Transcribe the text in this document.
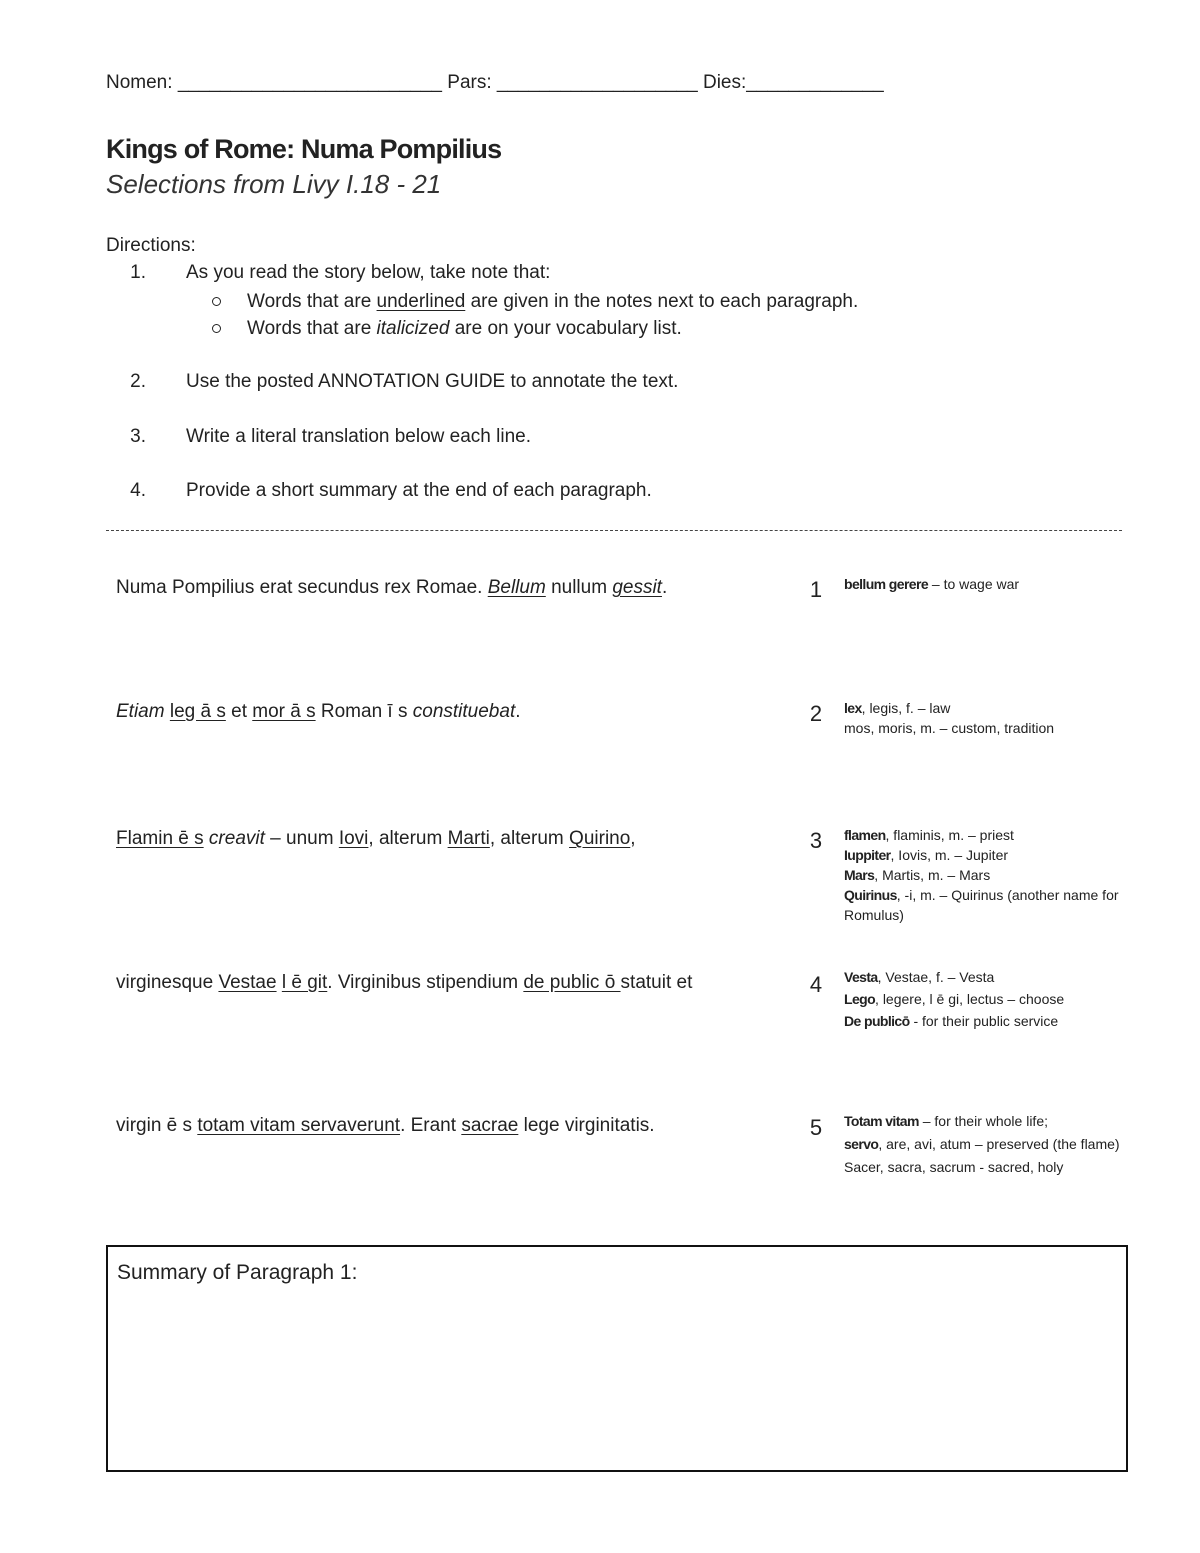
Nomen: _________________________ Pars: ___________________ Dies:_____________
Kings of Rome: Numa Pompilius
Selections from Livy I.18 - 21
Directions:
1. As you read the story below, take note that:
Words that are underlined are given in the notes next to each paragraph.
Words that are italicized are on your vocabulary list.
2. Use the posted ANNOTATION GUIDE to annotate the text.
3. Write a literal translation below each line.
4. Provide a short summary at the end of each paragraph.
Numa Pompilius erat secundus rex Romae. Bellum nullum gessit.	1 bellum gerere – to wage war
Etiam leg ā s et mor ā s Roman ī s constituebat.	2 lex, legis, f. – law
mos, moris, m. – custom, tradition
Flamin ē s creavit – unum Iovi, alterum Marti, alterum Quirino,	3 flamen, flaminis, m. – priest
Iuppiter, Iovis, m. – Jupiter
Mars, Martis, m. – Mars
Quirinus, -i, m. – Quirinus (another name for Romulus)
virginesque Vestae l ē git. Virginibus stipendium de public ō statuit et	4 Vesta, Vestae, f. – Vesta
Lego, legere, l ē gi, lectus – choose
De publicō - for their public service
virgin ē s totam vitam servaverunt. Erant sacrae lege virginitatis.	5 Totam vitam – for their whole life;
servo, are, avi, atum – preserved (the flame)
Sacer, sacra, sacrum - sacred, holy
Summary of Paragraph 1:
